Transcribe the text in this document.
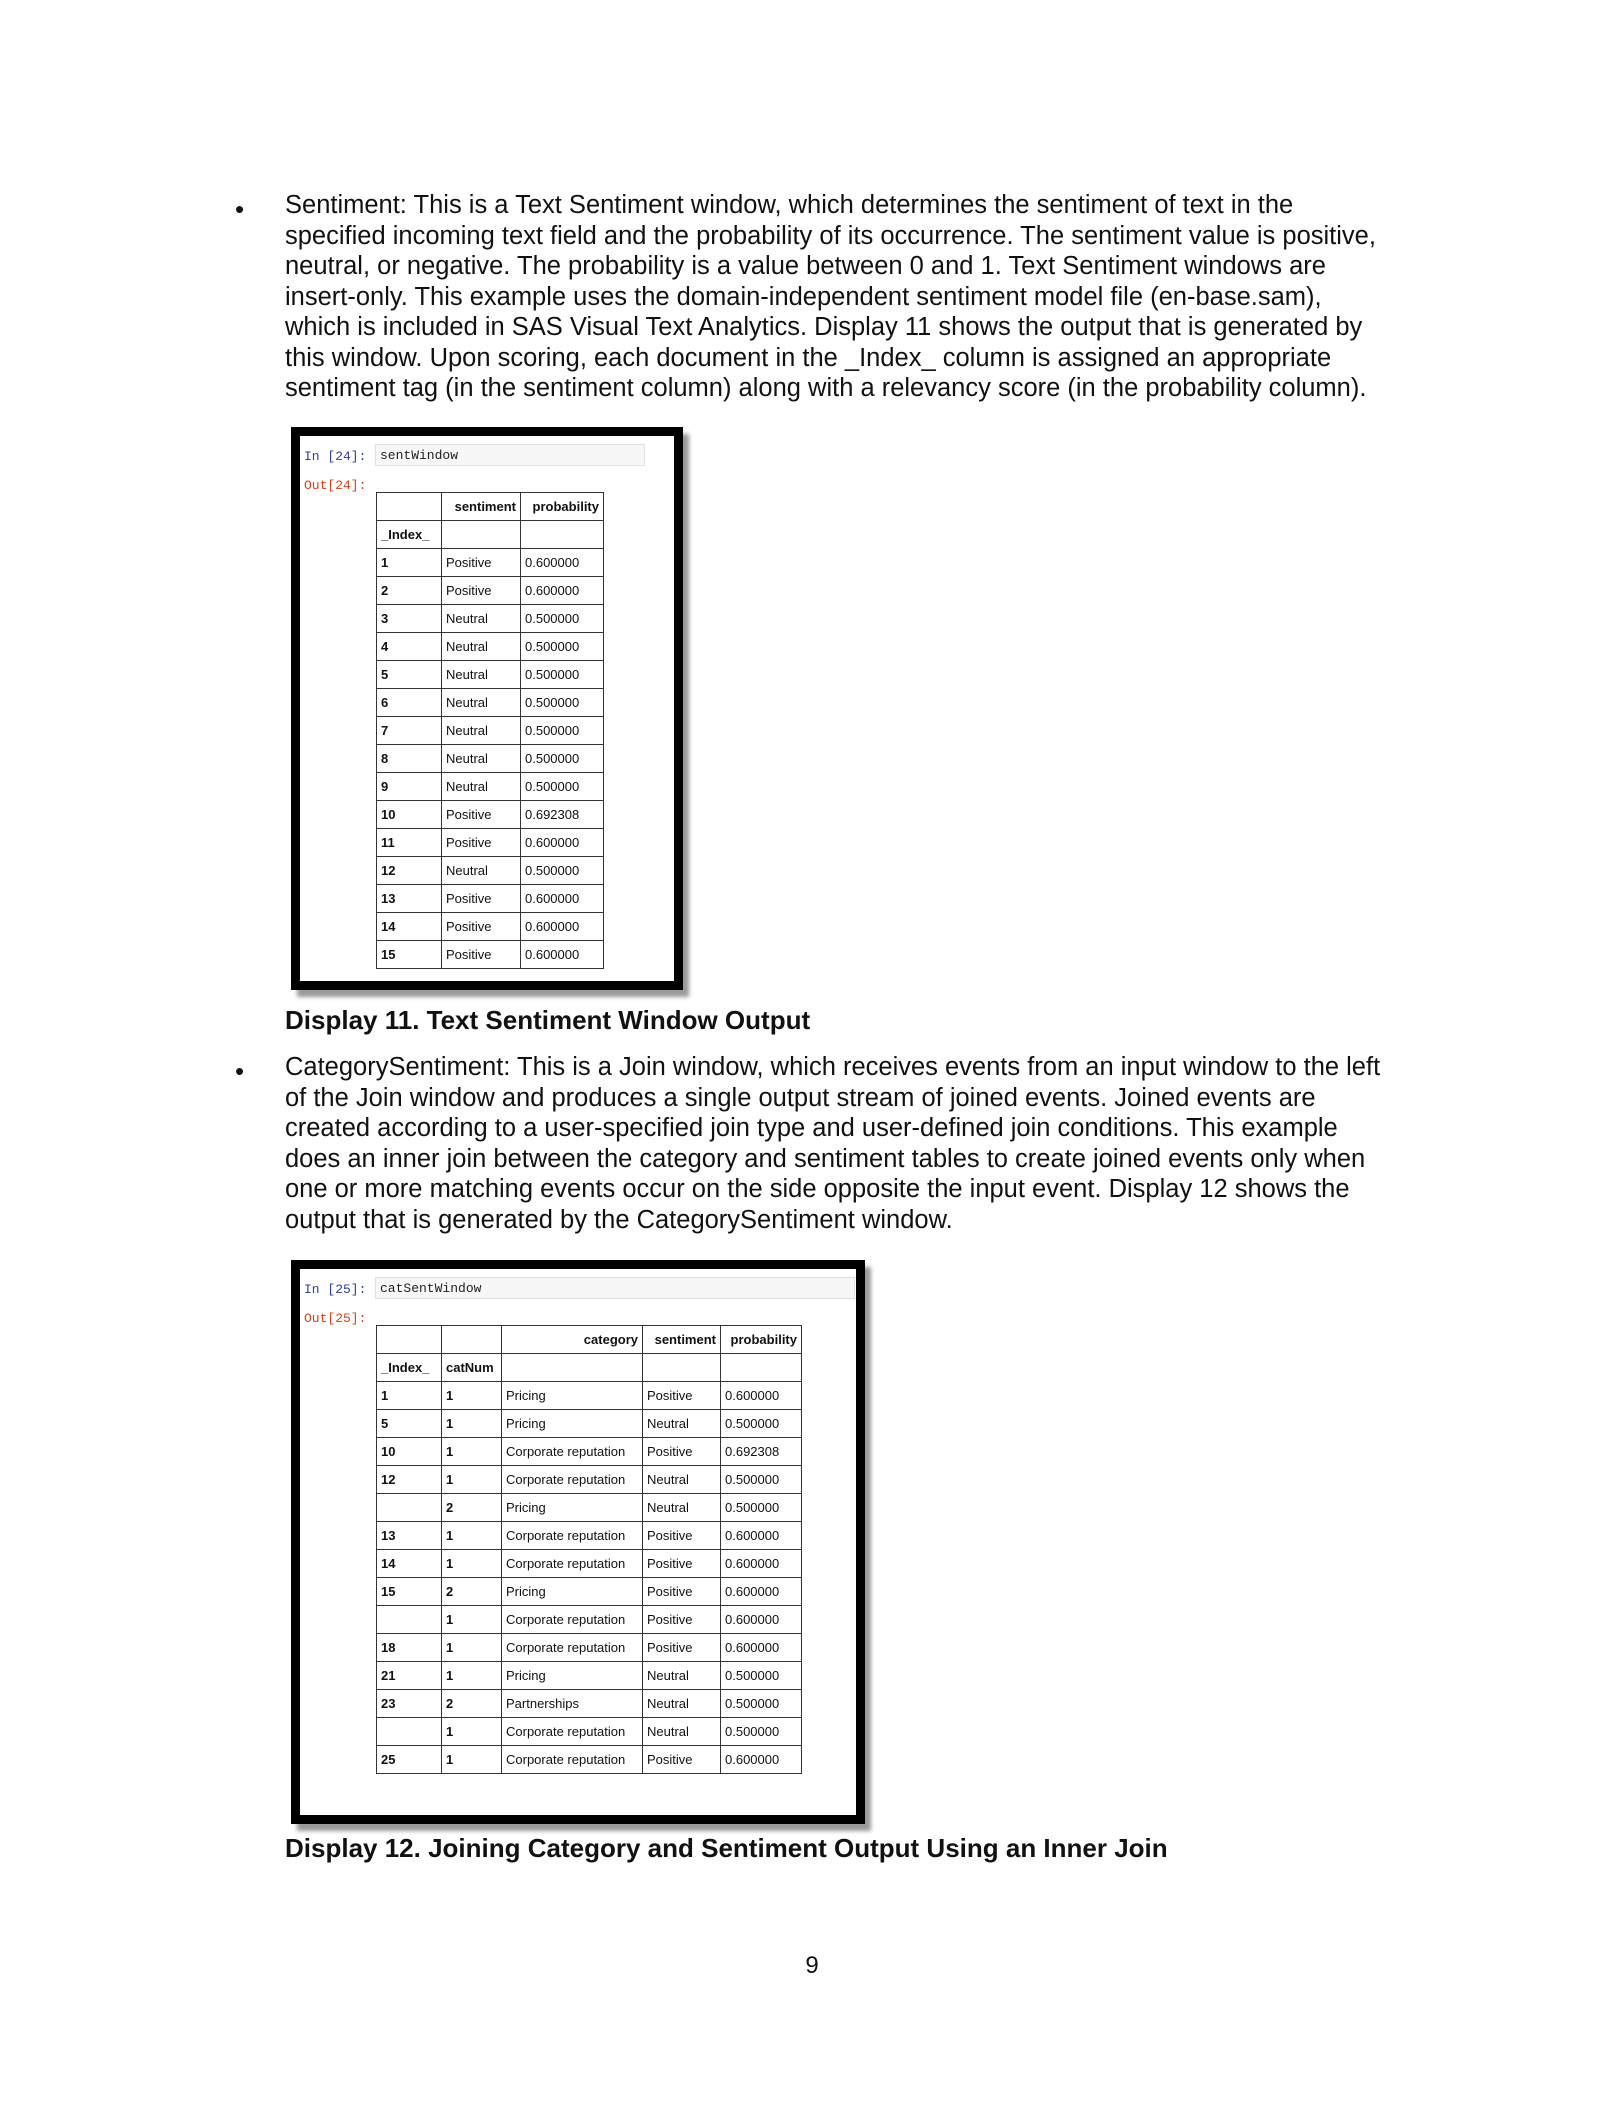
• Sentiment: This is a Text Sentiment window, which determines the sentiment of text in the
specified incoming text field and the probability of its occurrence. The sentiment value is positive,
neutral, or negative. The probability is a value between 0 and 1. Text Sentiment windows are
insert-only. This example uses the domain-independent sentiment model file (en-base.sam),
which is included in SAS Visual Text Analytics. Display 11 shows the output that is generated by
this window. Upon scoring, each document in the _Index_ column is assigned an appropriate
sentiment tag (in the sentiment column) along with a relevancy score (in the probability column).
In [24]:	sentWindow
Out[24]:
	sentiment	probability
_Index_		
1	Positive	0.600000
2	Positive	0.600000
3	Neutral	0.500000
4	Neutral	0.500000
5	Neutral	0.500000
6	Neutral	0.500000
7	Neutral	0.500000
8	Neutral	0.500000
9	Neutral	0.500000
10	Positive	0.692308
11	Positive	0.600000
12	Neutral	0.500000
13	Positive	0.600000
14	Positive	0.600000
15	Positive	0.600000
Display 11. Text Sentiment Window Output
• CategorySentiment: This is a Join window, which receives events from an input window to the left
of the Join window and produces a single output stream of joined events. Joined events are
created according to a user-specified join type and user-defined join conditions. This example
does an inner join between the category and sentiment tables to create joined events only when
one or more matching events occur on the side opposite the input event. Display 12 shows the
output that is generated by the CategorySentiment window.
In [25]:	catSentWindow
Out[25]:
		category	sentiment	probability
_Index_	catNum			
1	1	Pricing	Positive	0.600000
5	1	Pricing	Neutral	0.500000
10	1	Corporate reputation	Positive	0.692308
12	1	Corporate reputation	Neutral	0.500000
	2	Pricing	Neutral	0.500000
13	1	Corporate reputation	Positive	0.600000
14	1	Corporate reputation	Positive	0.600000
15	2	Pricing	Positive	0.600000
	1	Corporate reputation	Positive	0.600000
18	1	Corporate reputation	Positive	0.600000
21	1	Pricing	Neutral	0.500000
23	2	Partnerships	Neutral	0.500000
	1	Corporate reputation	Neutral	0.500000
25	1	Corporate reputation	Positive	0.600000
Display 12. Joining Category and Sentiment Output Using an Inner Join
9
